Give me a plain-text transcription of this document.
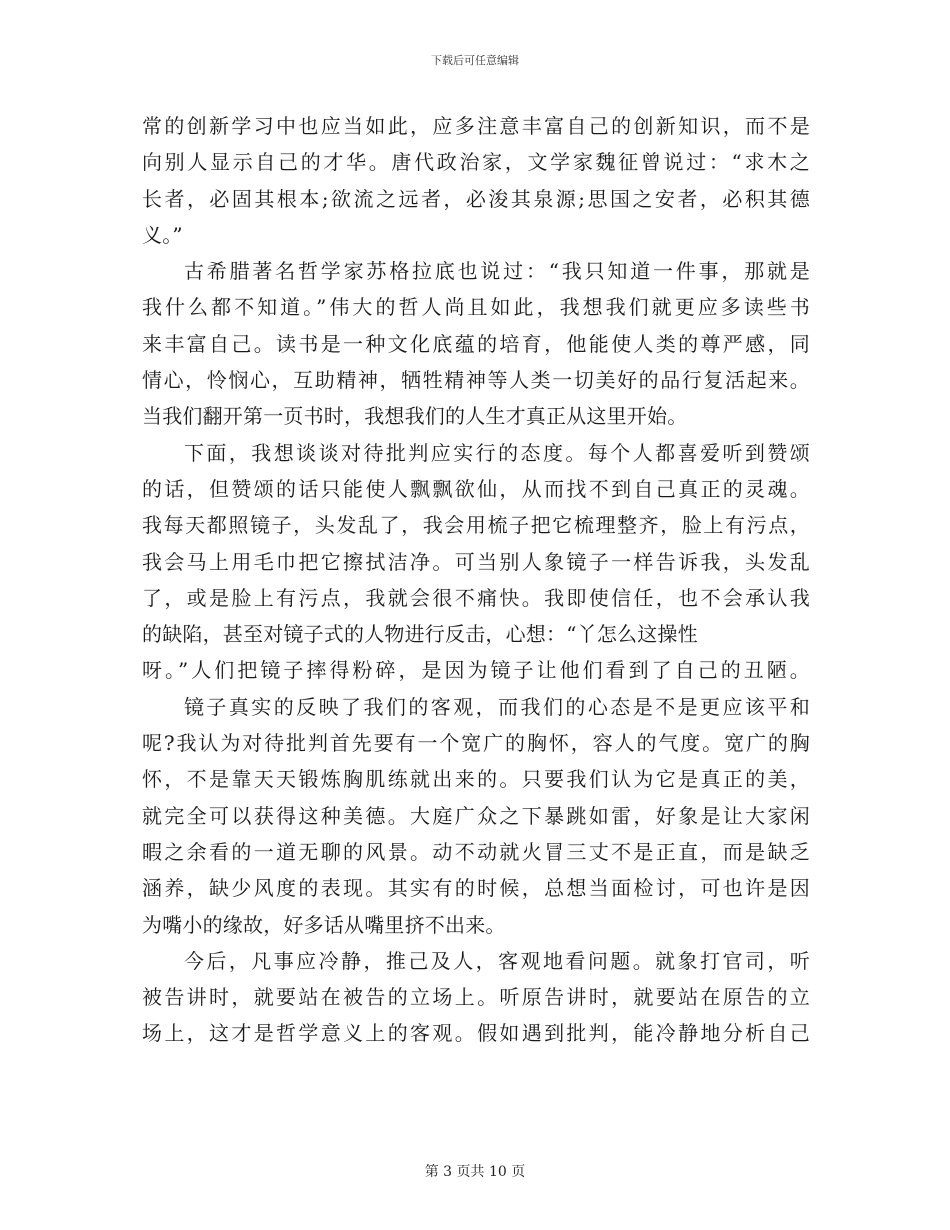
下载后可任意编辑
常的创新学习中也应当如此，应多注意丰富自己的创新知识，而不是
向别人显示自己的才华。唐代政治家，文学家魏征曾说过：“求木之
长者，必固其根本;欲流之远者，必浚其泉源;思国之安者，必积其德
义。”
古希腊著名哲学家苏格拉底也说过：“我只知道一件事，那就是
我什么都不知道。”伟大的哲人尚且如此，我想我们就更应多读些书
来丰富自己。读书是一种文化底蕴的培育，他能使人类的尊严感，同
情心，怜悯心，互助精神，牺牲精神等人类一切美好的品行复活起来。
当我们翻开第一页书时，我想我们的人生才真正从这里开始。
下面，我想谈谈对待批判应实行的态度。每个人都喜爱听到赞颂
的话，但赞颂的话只能使人飘飘欲仙，从而找不到自己真正的灵魂。
我每天都照镜子，头发乱了，我会用梳子把它梳理整齐，脸上有污点，
我会马上用毛巾把它擦拭洁净。可当别人象镜子一样告诉我，头发乱
了，或是脸上有污点，我就会很不痛快。我即使信任，也不会承认我
的缺陷，甚至对镜子式的人物进行反击，心想：“丫怎么这操性
呀。”人们把镜子摔得粉碎，是因为镜子让他们看到了自己的丑陋。
镜子真实的反映了我们的客观，而我们的心态是不是更应该平和
呢?我认为对待批判首先要有一个宽广的胸怀，容人的气度。宽广的胸
怀，不是靠天天锻炼胸肌练就出来的。只要我们认为它是真正的美，
就完全可以获得这种美德。大庭广众之下暴跳如雷，好象是让大家闲
暇之余看的一道无聊的风景。动不动就火冒三丈不是正直，而是缺乏
涵养，缺少风度的表现。其实有的时候，总想当面检讨，可也许是因
为嘴小的缘故，好多话从嘴里挤不出来。
今后，凡事应冷静，推己及人，客观地看问题。就象打官司，听
被告讲时，就要站在被告的立场上。听原告讲时，就要站在原告的立
场上，这才是哲学意义上的客观。假如遇到批判，能冷静地分析自己
第 3 页共 10 页
